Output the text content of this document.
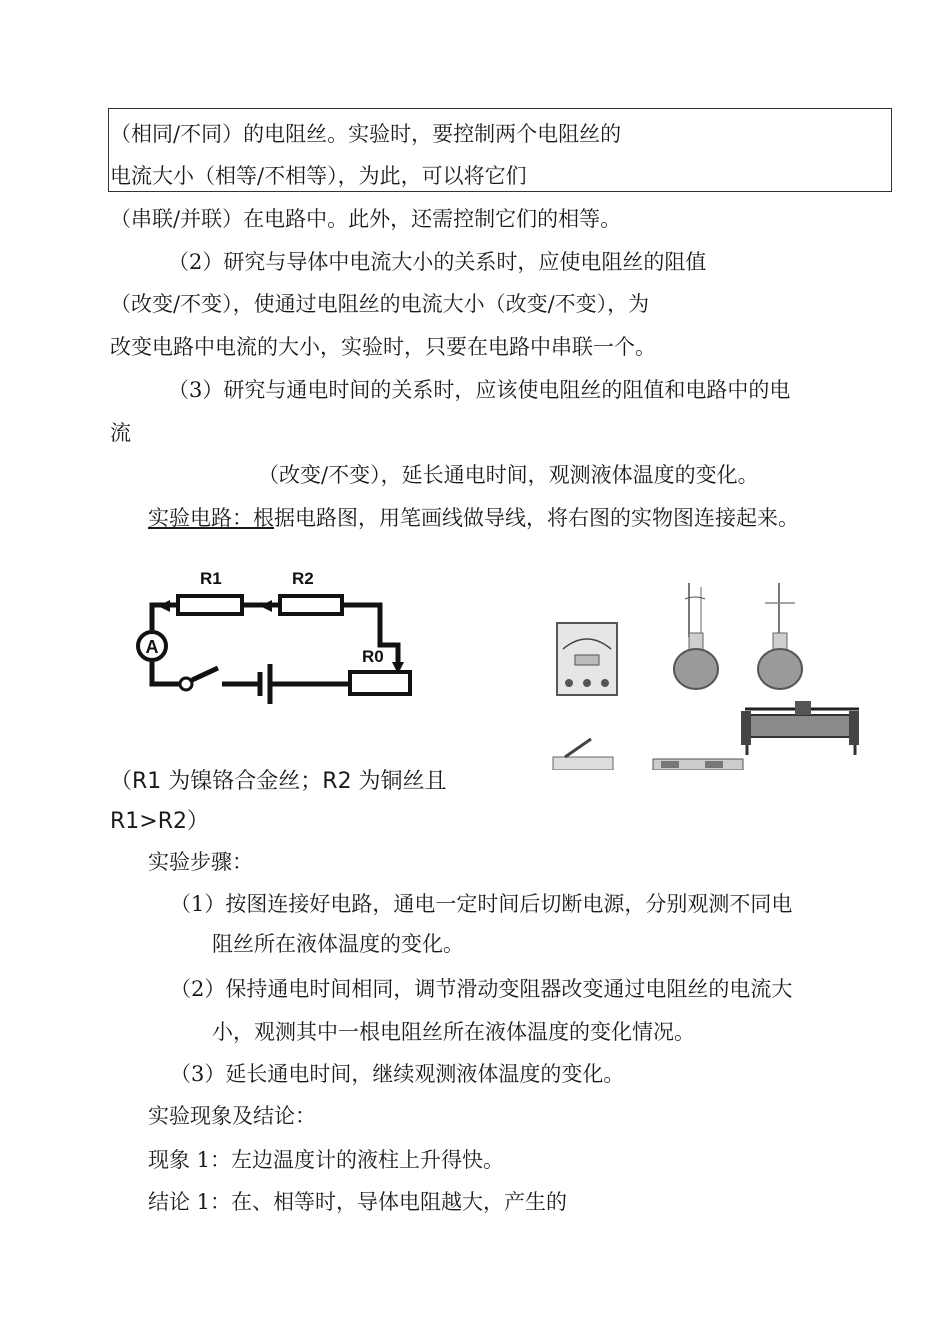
（相同/不同）的电阻丝。实验时，要控制两个电阻丝的
电流大小（相等/不相等），为此，可以将它们
（串联/并联）在电路中。此外，还需控制它们的相等。
（2）研究与导体中电流大小的关系时，应使电阻丝的阻值
（改变/不变），使通过电阻丝的电流大小（改变/不变），为
改变电路中电流的大小，实验时，只要在电路中串联一个。
（3）研究与通电时间的关系时，应该使电阻丝的阻值和电路中的电
流
（改变/不变），延长通电时间，观测液体温度的变化。
实验电路：根据电路图，用笔画线做导线，将右图的实物图连接起来。
A
R1	R2
R0
（R1 为镍铬合金丝；R2 为铜丝且
R1>R2）
实验步骤：
（1）按图连接好电路，通电一定时间后切断电源，分别观测不同电
阻丝所在液体温度的变化。
（2）保持通电时间相同，调节滑动变阻器改变通过电阻丝的电流大
小，观测其中一根电阻丝所在液体温度的变化情况。
（3）延长通电时间，继续观测液体温度的变化。
实验现象及结论：
现象 1：左边温度计的液柱上升得快。
结论 1：在、相等时，导体电阻越大，产生的
